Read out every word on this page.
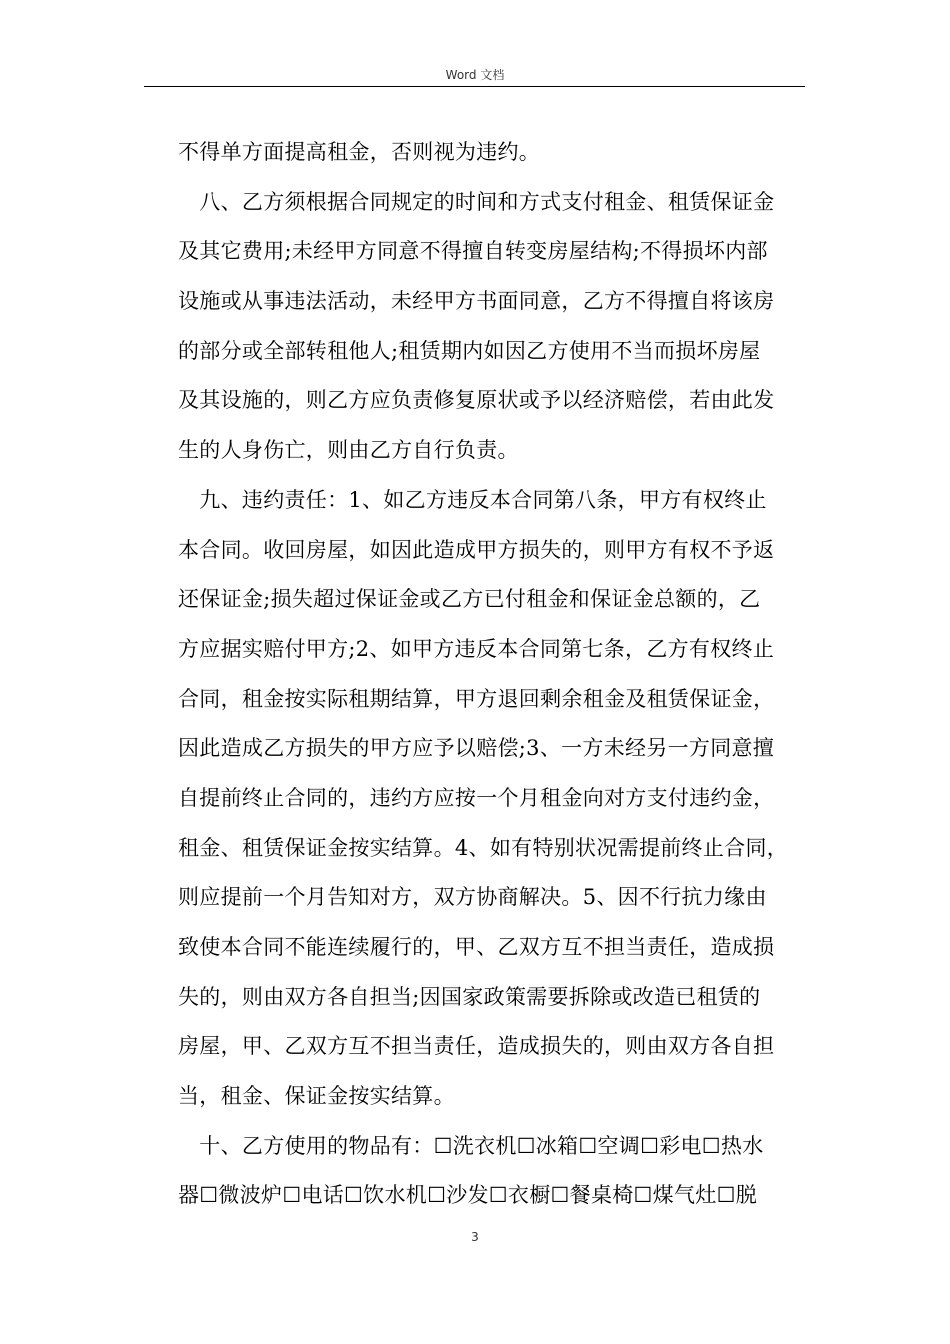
Word 文档
不得单方面提高租金，否则视为违约。
　八、乙方须根据合同规定的时间和方式支付租金、租赁保证金
及其它费用;未经甲方同意不得擅自转变房屋结构;不得损坏内部
设施或从事违法活动，未经甲方书面同意，乙方不得擅自将该房
的部分或全部转租他人;租赁期内如因乙方使用不当而损坏房屋
及其设施的，则乙方应负责修复原状或予以经济赔偿，若由此发
生的人身伤亡，则由乙方自行负责。
　九、违约责任：1、如乙方违反本合同第八条，甲方有权终止
本合同。收回房屋，如因此造成甲方损失的，则甲方有权不予返
还保证金;损失超过保证金或乙方已付租金和保证金总额的，乙
方应据实赔付甲方;2、如甲方违反本合同第七条，乙方有权终止
合同，租金按实际租期结算，甲方退回剩余租金及租赁保证金，
因此造成乙方损失的甲方应予以赔偿;3、一方未经另一方同意擅
自提前终止合同的，违约方应按一个月租金向对方支付违约金，
租金、租赁保证金按实结算。4、如有特别状况需提前终止合同，
则应提前一个月告知对方，双方协商解决。5、因不行抗力缘由
致使本合同不能连续履行的，甲、乙双方互不担当责任，造成损
失的，则由双方各自担当;因国家政策需要拆除或改造已租赁的
房屋，甲、乙双方互不担当责任，造成损失的，则由双方各自担
当，租金、保证金按实结算。
　十、乙方使用的物品有：☐洗衣机☐冰箱☐空调☐彩电☐热水
器☐微波炉☐电话☐饮水机☐沙发☐衣橱☐餐桌椅☐煤气灶☐脱
3
